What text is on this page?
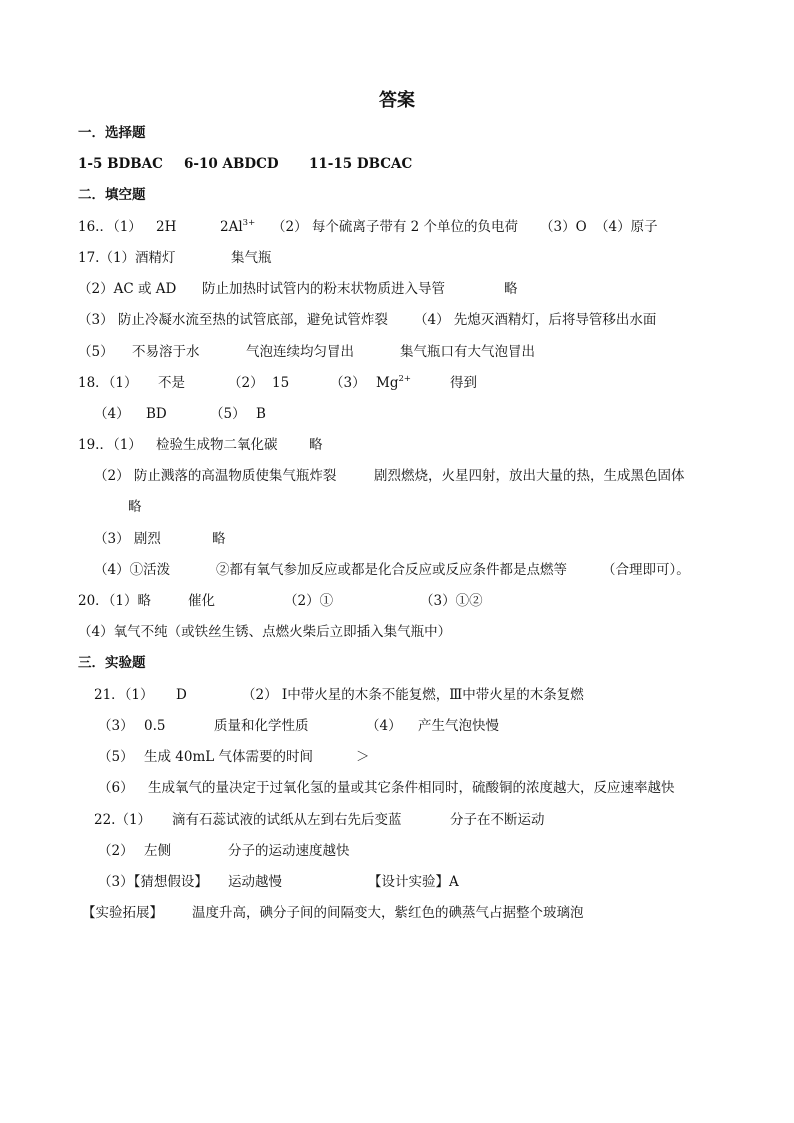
答案
一．选择题

1-5 BDBAC

6-10 ABDCD

11-15 DBCAC

二．填空题

16.．（1）

2H

	$2Al^{3+}$

（2） 每个硫离子带有 2 个单位的负电荷

（3）O

（4）原子

17.（1）酒精灯

	集气瓶

（2）AC 或 AD

防止加热时试管内的粉末状物质进入导管

	略

（3） 防止冷凝水流至热的试管底部，避免试管炸裂

（4） 先熄灭酒精灯，后将导管移出水面

（5）

不易溶于水

	气泡连续均匀冒出

	集气瓶口有大气泡冒出

18．（1）

不是

	（2）

15

	（3）

$Mg^{2+}$

	得到

（4）

BD

	（5）

B

19.．（1）

检验生成物二氧化碳

略

（2） 防止溅落的高温物质使集气瓶炸裂

	剧烈燃烧，火星四射，放出大量的热，生成黑色固体

略

（3） 剧烈

	略

（4）①活泼

	②都有氧气参加反应或都是化合反应或反应条件都是点燃等

	（合理即可）。

20．（1）略

	催化

	（2）①

	（3）①②

（4）氧气不纯（或铁丝生锈、点燃火柴后立即插入集气瓶中）
三．实验题

21．（1）

D

	（2） Ⅰ中带火星的木条不能复燃，Ⅲ中带火星的木条复燃

（3）

0.5

	质量和化学性质

	（4）

产生气泡快慢

（5）

生成 40mL 气体需要的时间

	＞

（6）

生成氧气的量决定于过氧化氢的量或其它条件相同时，硫酸铜的浓度越大，反应速率越快

22.（1）

滴有石蕊试液的试纸从左到右先后变蓝

	分子在不断运动

（2）

左侧

	分子的运动速度越快

（3）【猜想假设】

运动越慢

	【设计实验】A

【实验拓展】

温度升高，碘分子间的间隔变大，紫红色的碘蒸气占据整个玻璃泡
